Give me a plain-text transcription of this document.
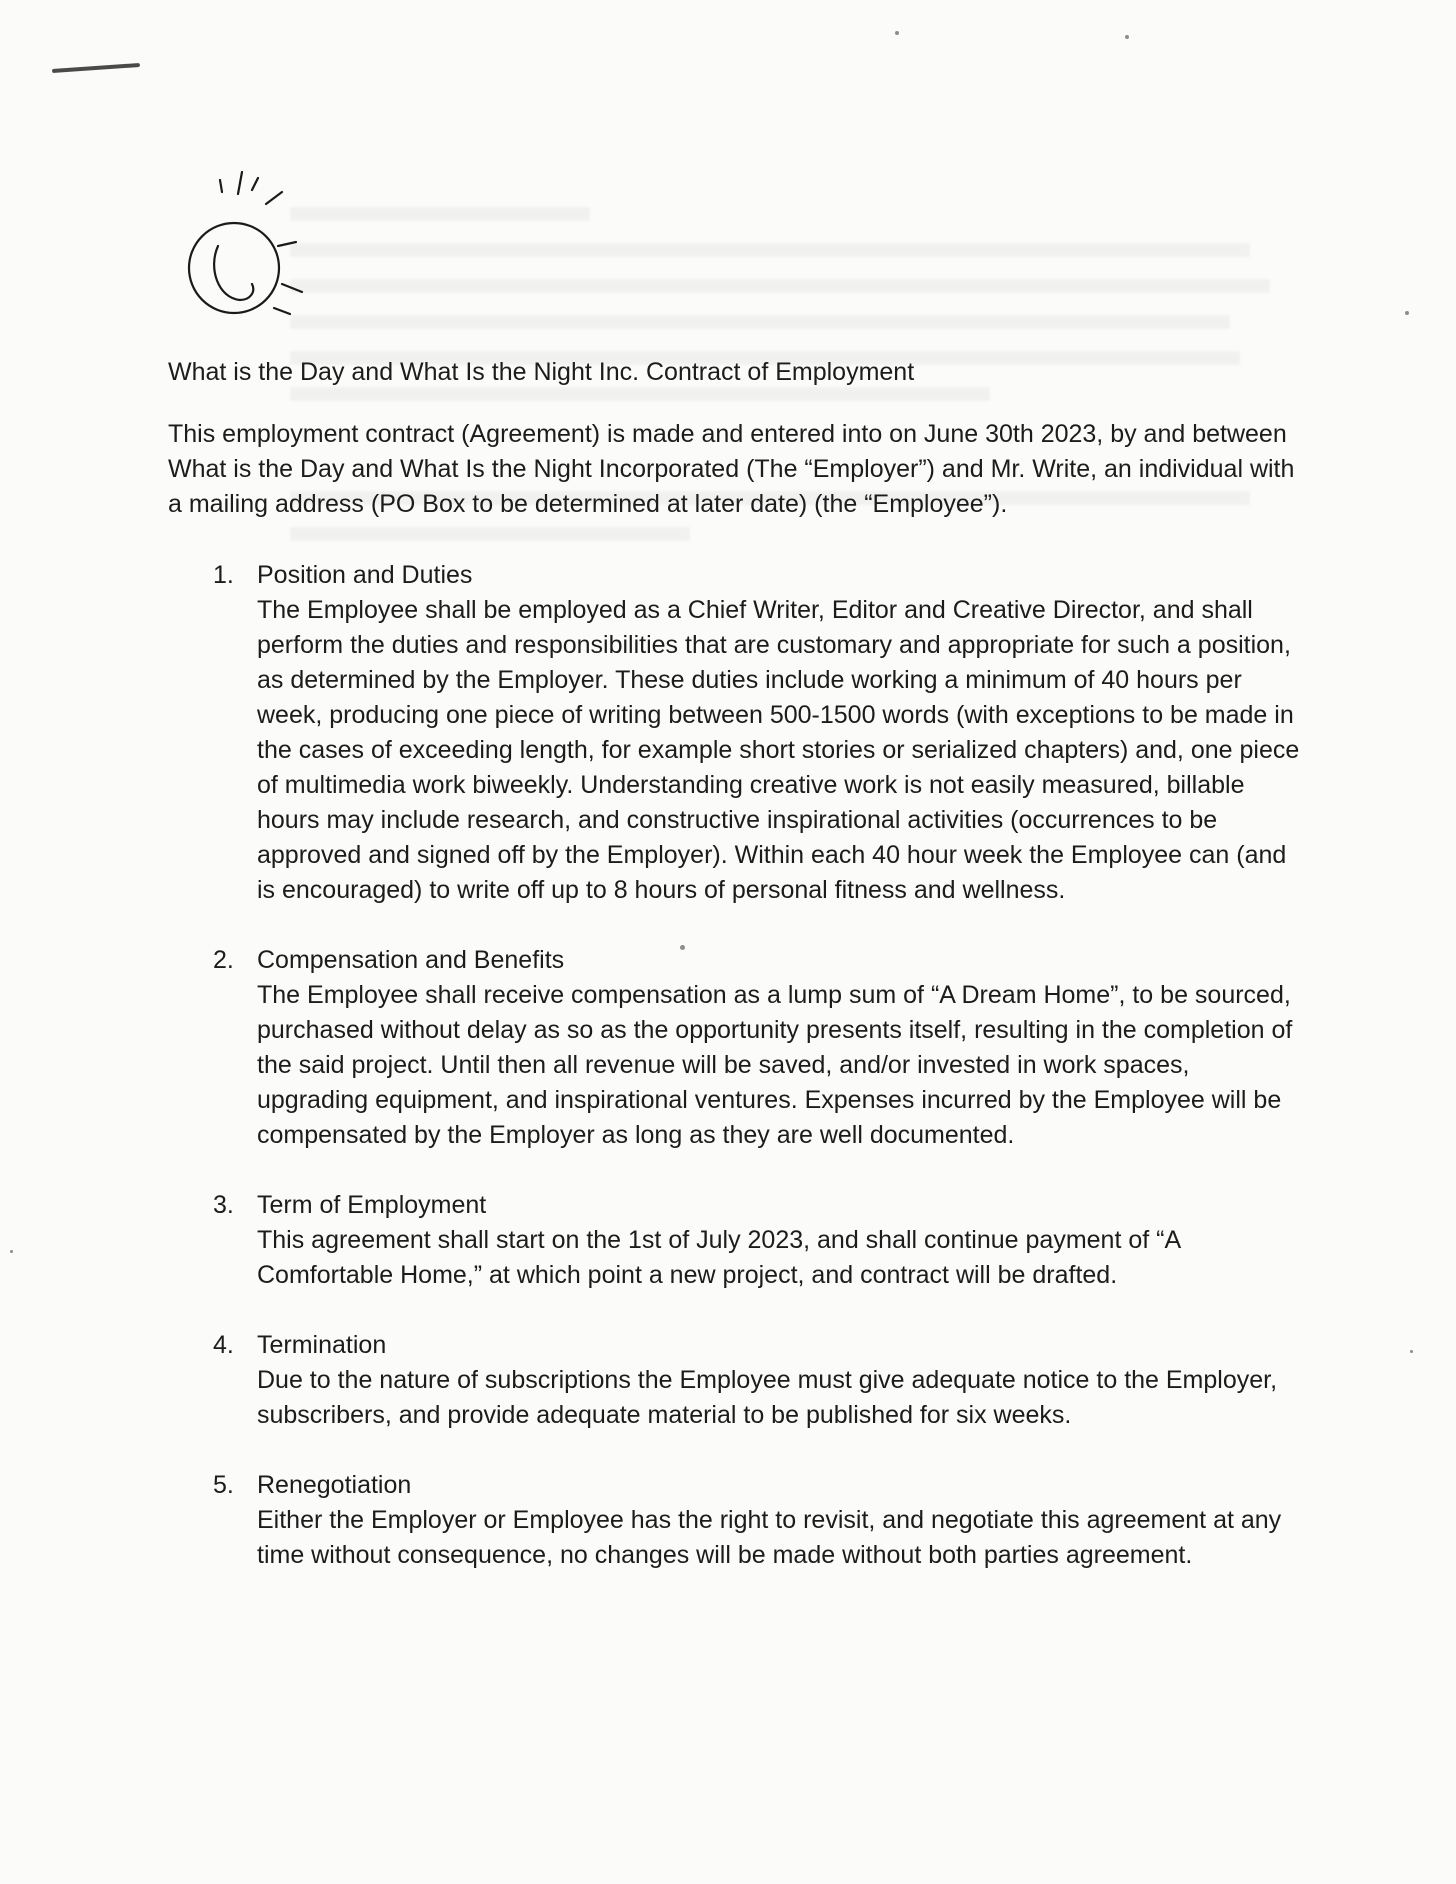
What is the Day and What Is the Night Inc. Contract of Employment

This employment contract (Agreement) is made and entered into on June 30th 2023, by and between What is the Day and What Is the Night Incorporated (The “Employer”) and Mr. Write, an individual with a mailing address (PO Box to be determined at later date) (the “Employee”).

1. Position and Duties
The Employee shall be employed as a Chief Writer, Editor and Creative Director, and shall perform the duties and responsibilities that are customary and appropriate for such a position, as determined by the Employer. These duties include working a minimum of 40 hours per week, producing one piece of writing between 500-1500 words (with exceptions to be made in the cases of exceeding length, for example short stories or serialized chapters) and, one piece of multimedia work biweekly. Understanding creative work is not easily measured, billable hours may include research, and constructive inspirational activities (occurrences to be approved and signed off by the Employer). Within each 40 hour week the Employee can (and is encouraged) to write off up to 8 hours of personal fitness and wellness.
2. Compensation and Benefits
The Employee shall receive compensation as a lump sum of “A Dream Home”, to be sourced, purchased without delay as so as the opportunity presents itself, resulting in the completion of the said project. Until then all revenue will be saved, and/or invested in work spaces, upgrading equipment, and inspirational ventures. Expenses incurred by the Employee will be compensated by the Employer as long as they are well documented.
3. Term of Employment
This agreement shall start on the 1st of July 2023, and shall continue payment of “A Comfortable Home,” at which point a new project, and contract will be drafted.
4. Termination
Due to the nature of subscriptions the Employee must give adequate notice to the Employer, subscribers, and provide adequate material to be published for six weeks.
5. Renegotiation
Either the Employer or Employee has the right to revisit, and negotiate this agreement at any time without consequence, no changes will be made without both parties agreement.
